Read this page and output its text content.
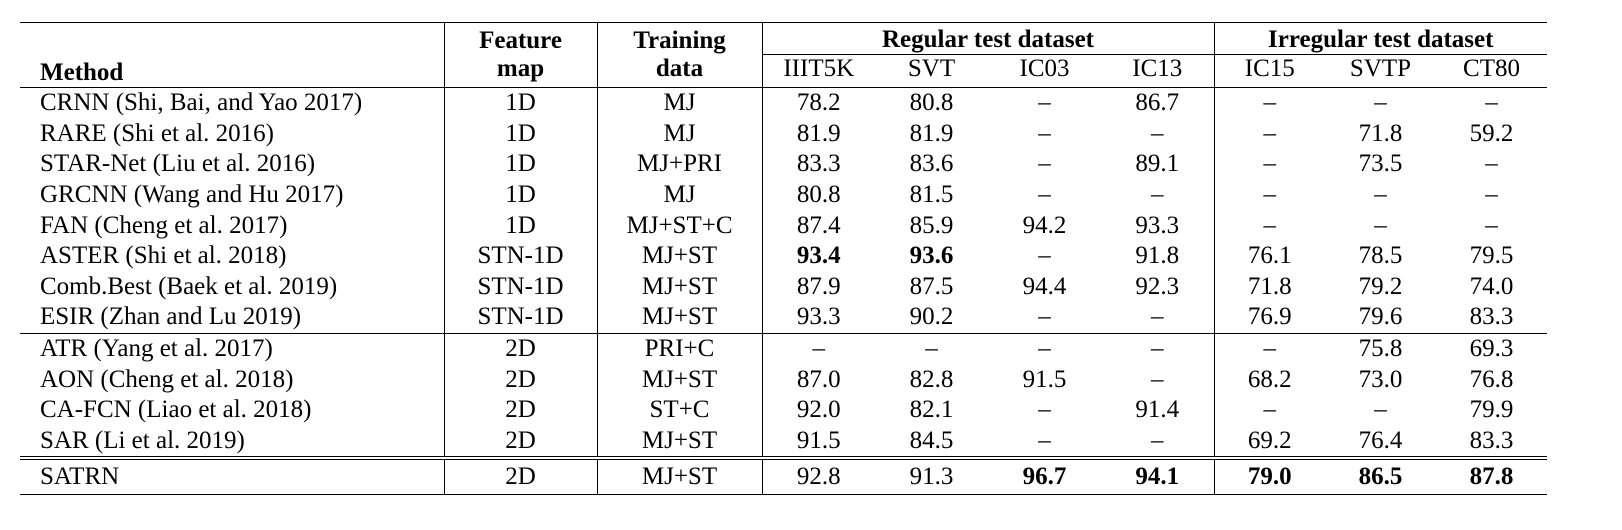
Method	Feature	Training	Regular test dataset				Irregular test dataset		
	map	data	IIIT5K	SVT	IC03	IC13	IC15	SVTP	CT80
CRNN (Shi, Bai, and Yao 2017)	1D	MJ	78.2	80.8	–	86.7	–	–	–
RARE (Shi et al. 2016)	1D	MJ	81.9	81.9	–	–	–	71.8	59.2
STAR-Net (Liu et al. 2016)	1D	MJ+PRI	83.3	83.6	–	89.1	–	73.5	–
GRCNN (Wang and Hu 2017)	1D	MJ	80.8	81.5	–	–	–	–	–
FAN (Cheng et al. 2017)	1D	MJ+ST+C	87.4	85.9	94.2	93.3	–	–	–
ASTER (Shi et al. 2018)	STN-1D	MJ+ST	93.4	93.6	–	91.8	76.1	78.5	79.5
Comb.Best (Baek et al. 2019)	STN-1D	MJ+ST	87.9	87.5	94.4	92.3	71.8	79.2	74.0
ESIR (Zhan and Lu 2019)	STN-1D	MJ+ST	93.3	90.2	–	–	76.9	79.6	83.3
ATR (Yang et al. 2017)	2D	PRI+C	–	–	–	–	–	75.8	69.3
AON (Cheng et al. 2018)	2D	MJ+ST	87.0	82.8	91.5	–	68.2	73.0	76.8
CA-FCN (Liao et al. 2018)	2D	ST+C	92.0	82.1	–	91.4	–	–	79.9
SAR (Li et al. 2019)	2D	MJ+ST	91.5	84.5	–	–	69.2	76.4	83.3
SATRN	2D	MJ+ST	92.8	91.3	96.7	94.1	79.0	86.5	87.8
